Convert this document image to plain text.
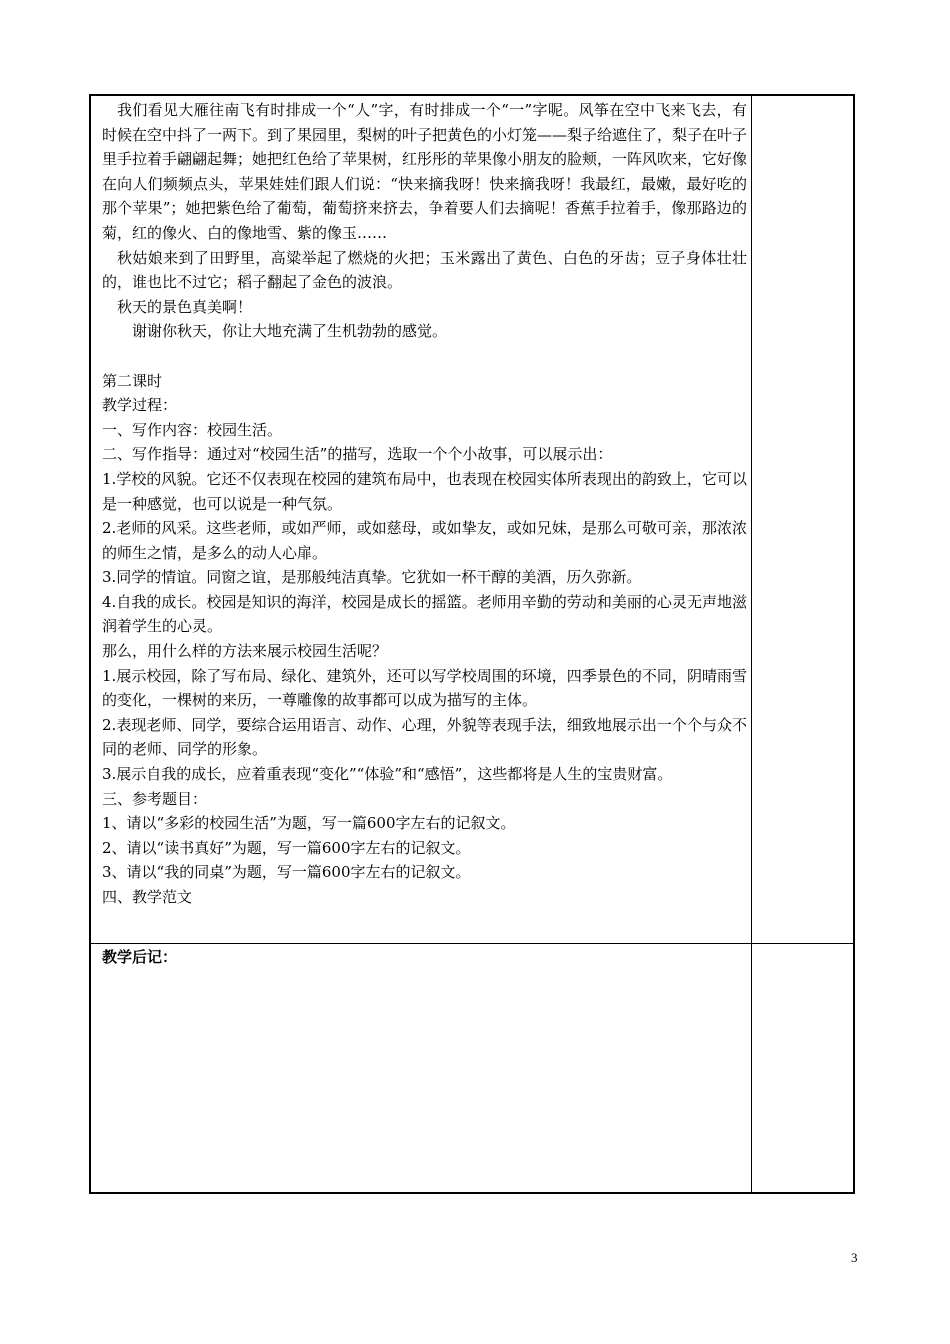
我们看见大雁往南飞有时排成一个“人”字，有时排成一个“一”字呢。风筝在空中飞来飞去，有时候在空中抖了一两下。到了果园里，梨树的叶子把黄色的小灯笼——梨子给遮住了，梨子在叶子里手拉着手翩翩起舞；她把红色给了苹果树，红彤彤的苹果像小朋友的脸颊，一阵风吹来，它好像在向人们频频点头，苹果娃娃们跟人们说：“快来摘我呀！快来摘我呀！我最红，最嫩，最好吃的那个苹果”；她把紫色给了葡萄，葡萄挤来挤去，争着要人们去摘呢！香蕉手拉着手，像那路边的菊，红的像火、白的像地雪、紫的像玉……

秋姑娘来到了田野里，高粱举起了燃烧的火把；玉米露出了黄色、白色的牙齿；豆子身体壮壮的，谁也比不过它；稻子翻起了金色的波浪。

秋天的景色真美啊！

谢谢你秋天，你让大地充满了生机勃勃的感觉。

第二课时

教学过程：

一、写作内容：校园生活。

二、写作指导：通过对“校园生活”的描写，选取一个个小故事，可以展示出：

1.学校的风貌。它还不仅表现在校园的建筑布局中，也表现在校园实体所表现出的韵致上，它可以是一种感觉，也可以说是一种气氛。

2.老师的风采。这些老师，或如严师，或如慈母，或如挚友，或如兄妹，是那么可敬可亲，那浓浓的师生之情，是多么的动人心扉。

3.同学的情谊。同窗之谊，是那般纯洁真挚。它犹如一杯干醇的美酒，历久弥新。

4.自我的成长。校园是知识的海洋，校园是成长的摇篮。老师用辛勤的劳动和美丽的心灵无声地滋润着学生的心灵。

那么，用什么样的方法来展示校园生活呢？

1.展示校园，除了写布局、绿化、建筑外，还可以写学校周围的环境，四季景色的不同，阴晴雨雪的变化，一棵树的来历，一尊雕像的故事都可以成为描写的主体。

2.表现老师、同学，要综合运用语言、动作、心理，外貌等表现手法，细致地展示出一个个与众不同的老师、同学的形象。

3.展示自我的成长，应着重表现“变化”“体验”和“感悟”，这些都将是人生的宝贵财富。

三、参考题目：

1、请以“多彩的校园生活”为题，写一篇600字左右的记叙文。

2、请以“读书真好”为题，写一篇600字左右的记叙文。

3、请以“我的同桌”为题，写一篇600字左右的记叙文。

四、教学范文

教学后记：
3
